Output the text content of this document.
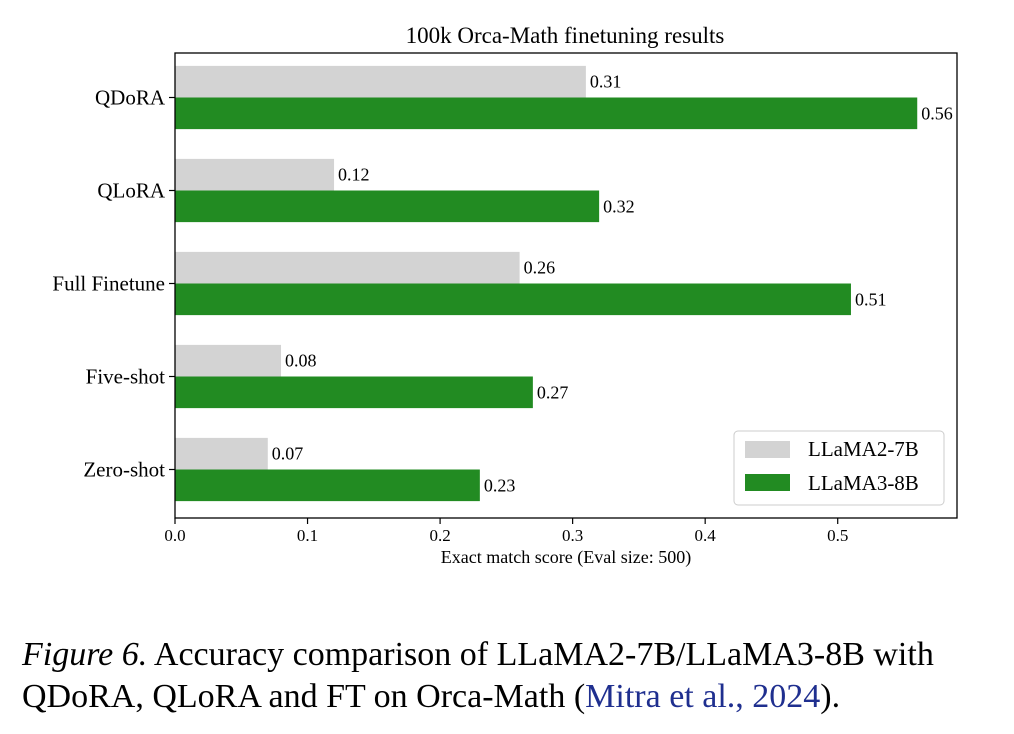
100k Orca-Math finetuning results
0.31
0.56
0.12
0.32
0.26
0.51
0.08
0.27
0.07
0.23
QDoRA
QLoRA
Full Finetune
Five-shot
Zero-shot
0.0	0.1	0.2	0.3	0.4	0.5
Exact match score (Eval size: 500)
LLaMA2-7B
LLaMA3-8B
Figure 6. Accuracy comparison of LLaMA2-7B/LLaMA3-8B with QDoRA, QLoRA and FT on Orca-Math (Mitra et al., 2024).
